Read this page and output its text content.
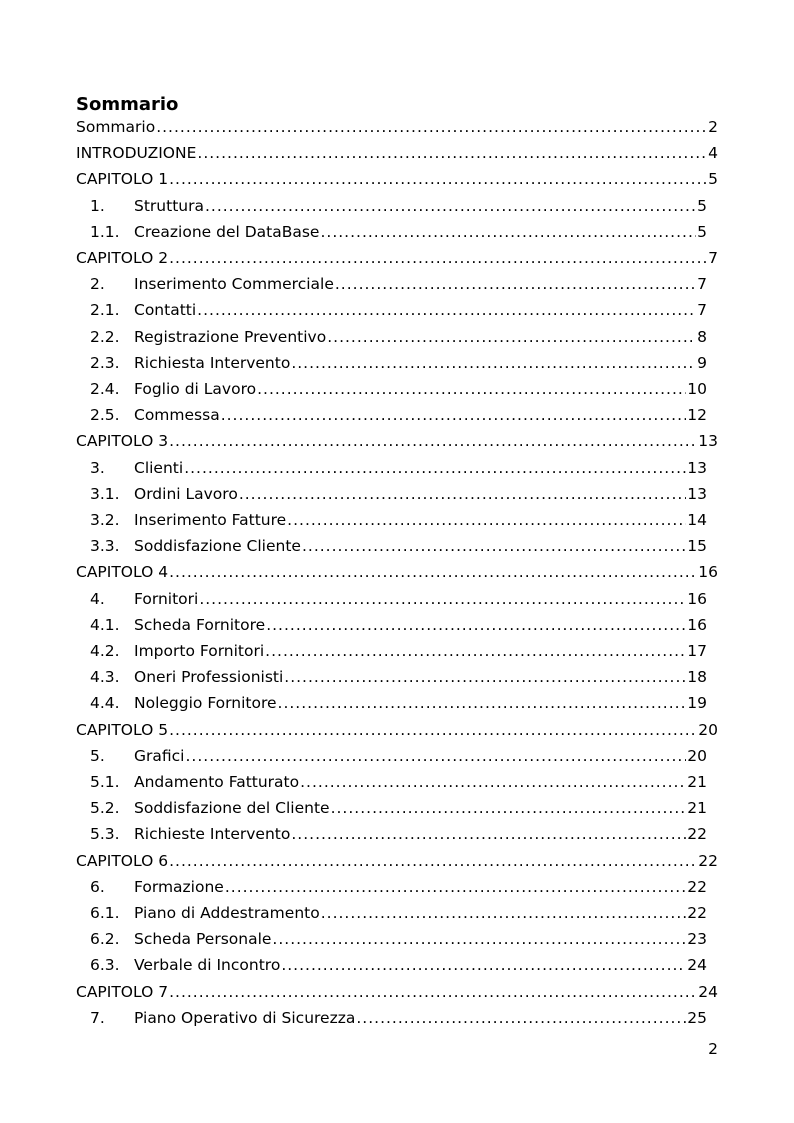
Sommario
Sommario .....	2
INTRODUZIONE .....	4
CAPITOLO 1 .....	5
1.	Struttura .....	5
1.1. Creazione del DataBase .....	5
CAPITOLO 2 .....	7
2.	Inserimento Commerciale .....	7
2.1. Contatti .....	7
2.2. Registrazione Preventivo .....	8
2.3. Richiesta Intervento .....	9
2.4. Foglio di Lavoro .....	10
2.5. Commessa .....	12
CAPITOLO 3 .....	13
3.	Clienti .....	13
3.1. Ordini Lavoro .....	13
3.2. Inserimento Fatture .....	14
3.3. Soddisfazione Cliente .....	15
CAPITOLO 4 .....	16
4.	Fornitori .....	16
4.1. Scheda Fornitore .....	16
4.2. Importo Fornitori .....	17
4.3. Oneri Professionisti .....	18
4.4. Noleggio Fornitore .....	19
CAPITOLO 5 .....	20
5.	Grafici .....	20
5.1. Andamento Fatturato .....	21
5.2. Soddisfazione del Cliente .....	21
5.3. Richieste Intervento .....	22
CAPITOLO 6 .....	22
6.	Formazione .....	22
6.1. Piano di Addestramento .....	22
6.2. Scheda Personale .....	23
6.3. Verbale di Incontro .....	24
CAPITOLO 7 .....	24
7.	Piano Operativo di Sicurezza .....	25
2
